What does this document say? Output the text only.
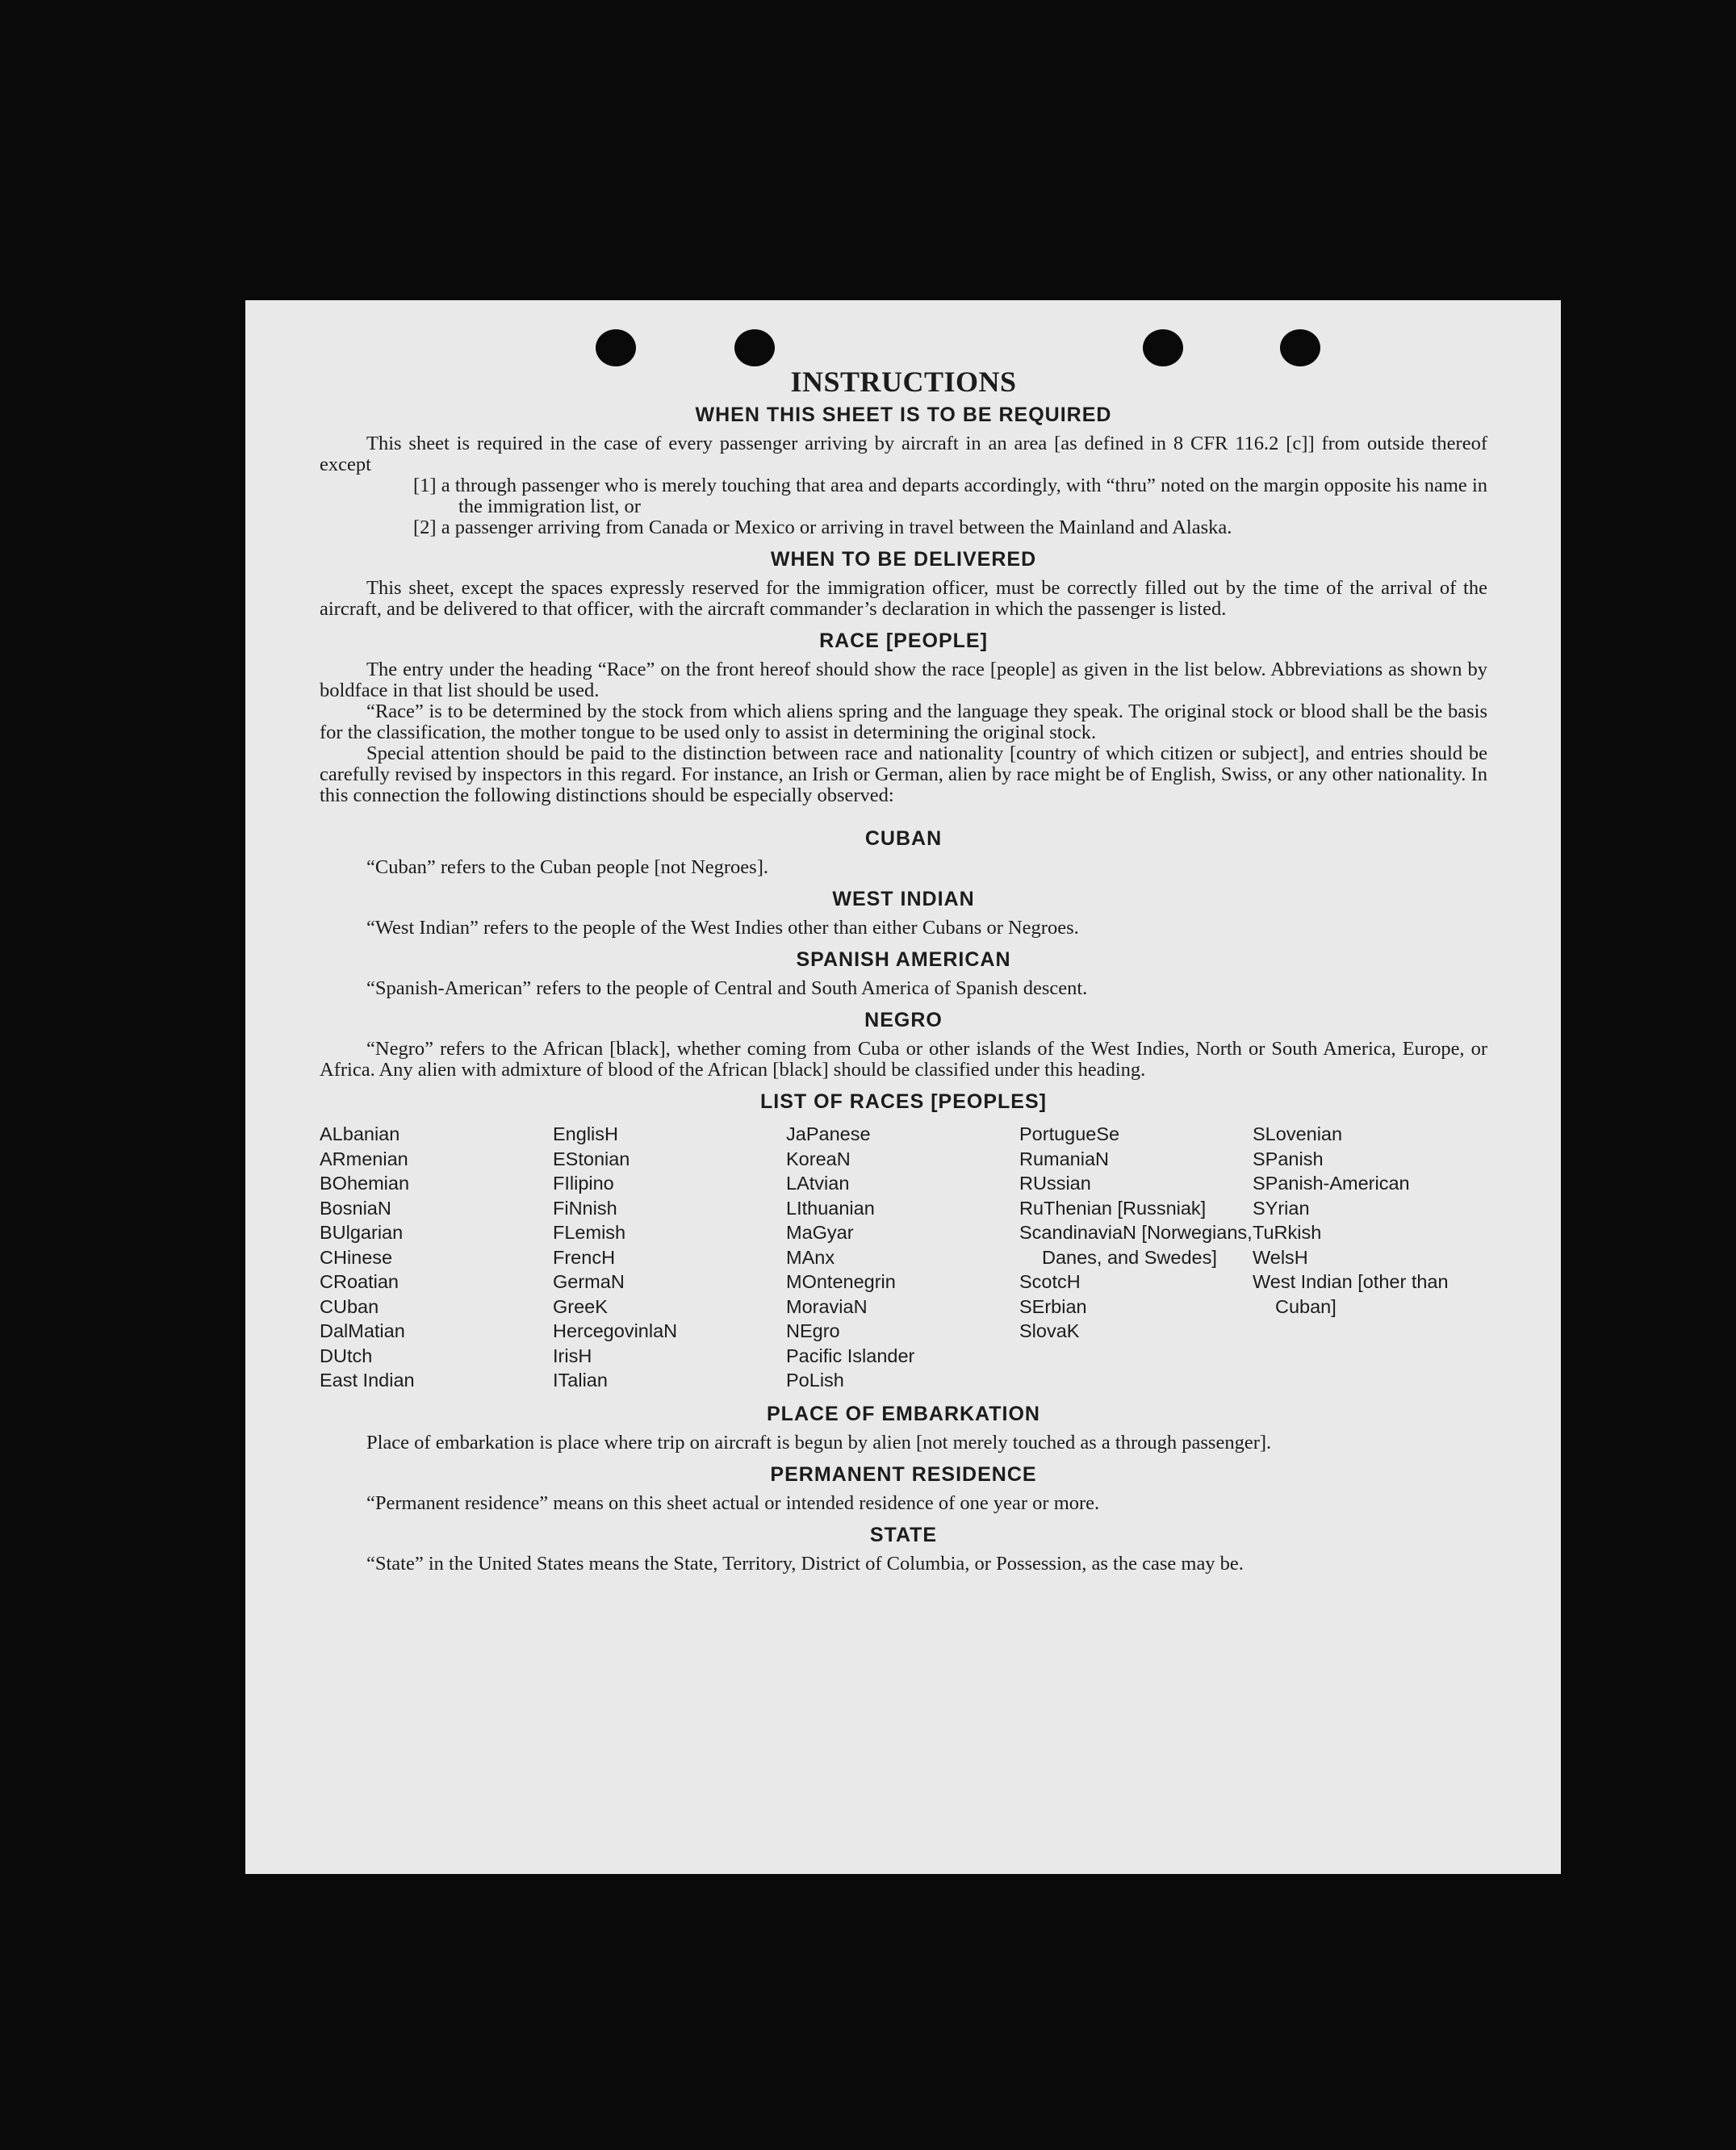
INSTRUCTIONS
WHEN THIS SHEET IS TO BE REQUIRED

This sheet is required in the case of every passenger arriving by aircraft in an area [as defined in 8 CFR 116.2 [c]] from outside thereof except

[1] a through passenger who is merely touching that area and departs accordingly, with “thru” noted on the margin opposite his name in the immigration list, or

[2] a passenger arriving from Canada or Mexico or arriving in travel between the Mainland and Alaska.

WHEN TO BE DELIVERED

This sheet, except the spaces expressly reserved for the immigration officer, must be correctly filled out by the time of the arrival of the aircraft, and be delivered to that officer, with the aircraft commander’s declaration in which the passenger is listed.

RACE [PEOPLE]

The entry under the heading “Race” on the front hereof should show the race [people] as given in the list below. Abbreviations as shown by boldface in that list should be used.

“Race” is to be determined by the stock from which aliens spring and the language they speak. The original stock or blood shall be the basis for the classification, the mother tongue to be used only to assist in determining the original stock.

Special attention should be paid to the distinction between race and nationality [country of which citizen or subject], and entries should be carefully revised by inspectors in this regard. For instance, an Irish or German, alien by race might be of English, Swiss, or any other nationality. In this connection the following distinctions should be especially observed:

CUBAN

“Cuban” refers to the Cuban people [not Negroes].

WEST INDIAN

“West Indian” refers to the people of the West Indies other than either Cubans or Negroes.

SPANISH AMERICAN

“Spanish-American” refers to the people of Central and South America of Spanish descent.

NEGRO

“Negro” refers to the African [black], whether coming from Cuba or other islands of the West Indies, North or South America, Europe, or Africa. Any alien with admixture of blood of the African [black] should be classified under this heading.

LIST OF RACES [PEOPLES]
ALbanian
ARmenian
BOhemian
BosniaN
BUlgarian
CHinese
CRoatian
CUban
DalMatian
DUtch
East Indian
EnglisH
EStonian
FIlipino
FiNnish
FLemish
FrencH
GermaN
GreeK
HercegovinlaN
IrisH
ITalian
JaPanese
KoreaN
LAtvian
LIthuanian
MaGyar
MAnx
MOntenegrin
MoraviaN
NEgro
Pacific Islander
PoLish
PortugueSe
RumaniaN
RUssian
RuThenian [Russniak]
ScandinaviaN [Norwegians, Danes, and Swedes]
ScotcH
SErbian
SlovaK
SLovenian
SPanish
SPanish-American
SYrian
TuRkish
WelsH
West Indian [other than Cuban]
PLACE OF EMBARKATION

Place of embarkation is place where trip on aircraft is begun by alien [not merely touched as a through passenger].

PERMANENT RESIDENCE

“Permanent residence” means on this sheet actual or intended residence of one year or more.

STATE

“State” in the United States means the State, Territory, District of Columbia, or Possession, as the case may be.
